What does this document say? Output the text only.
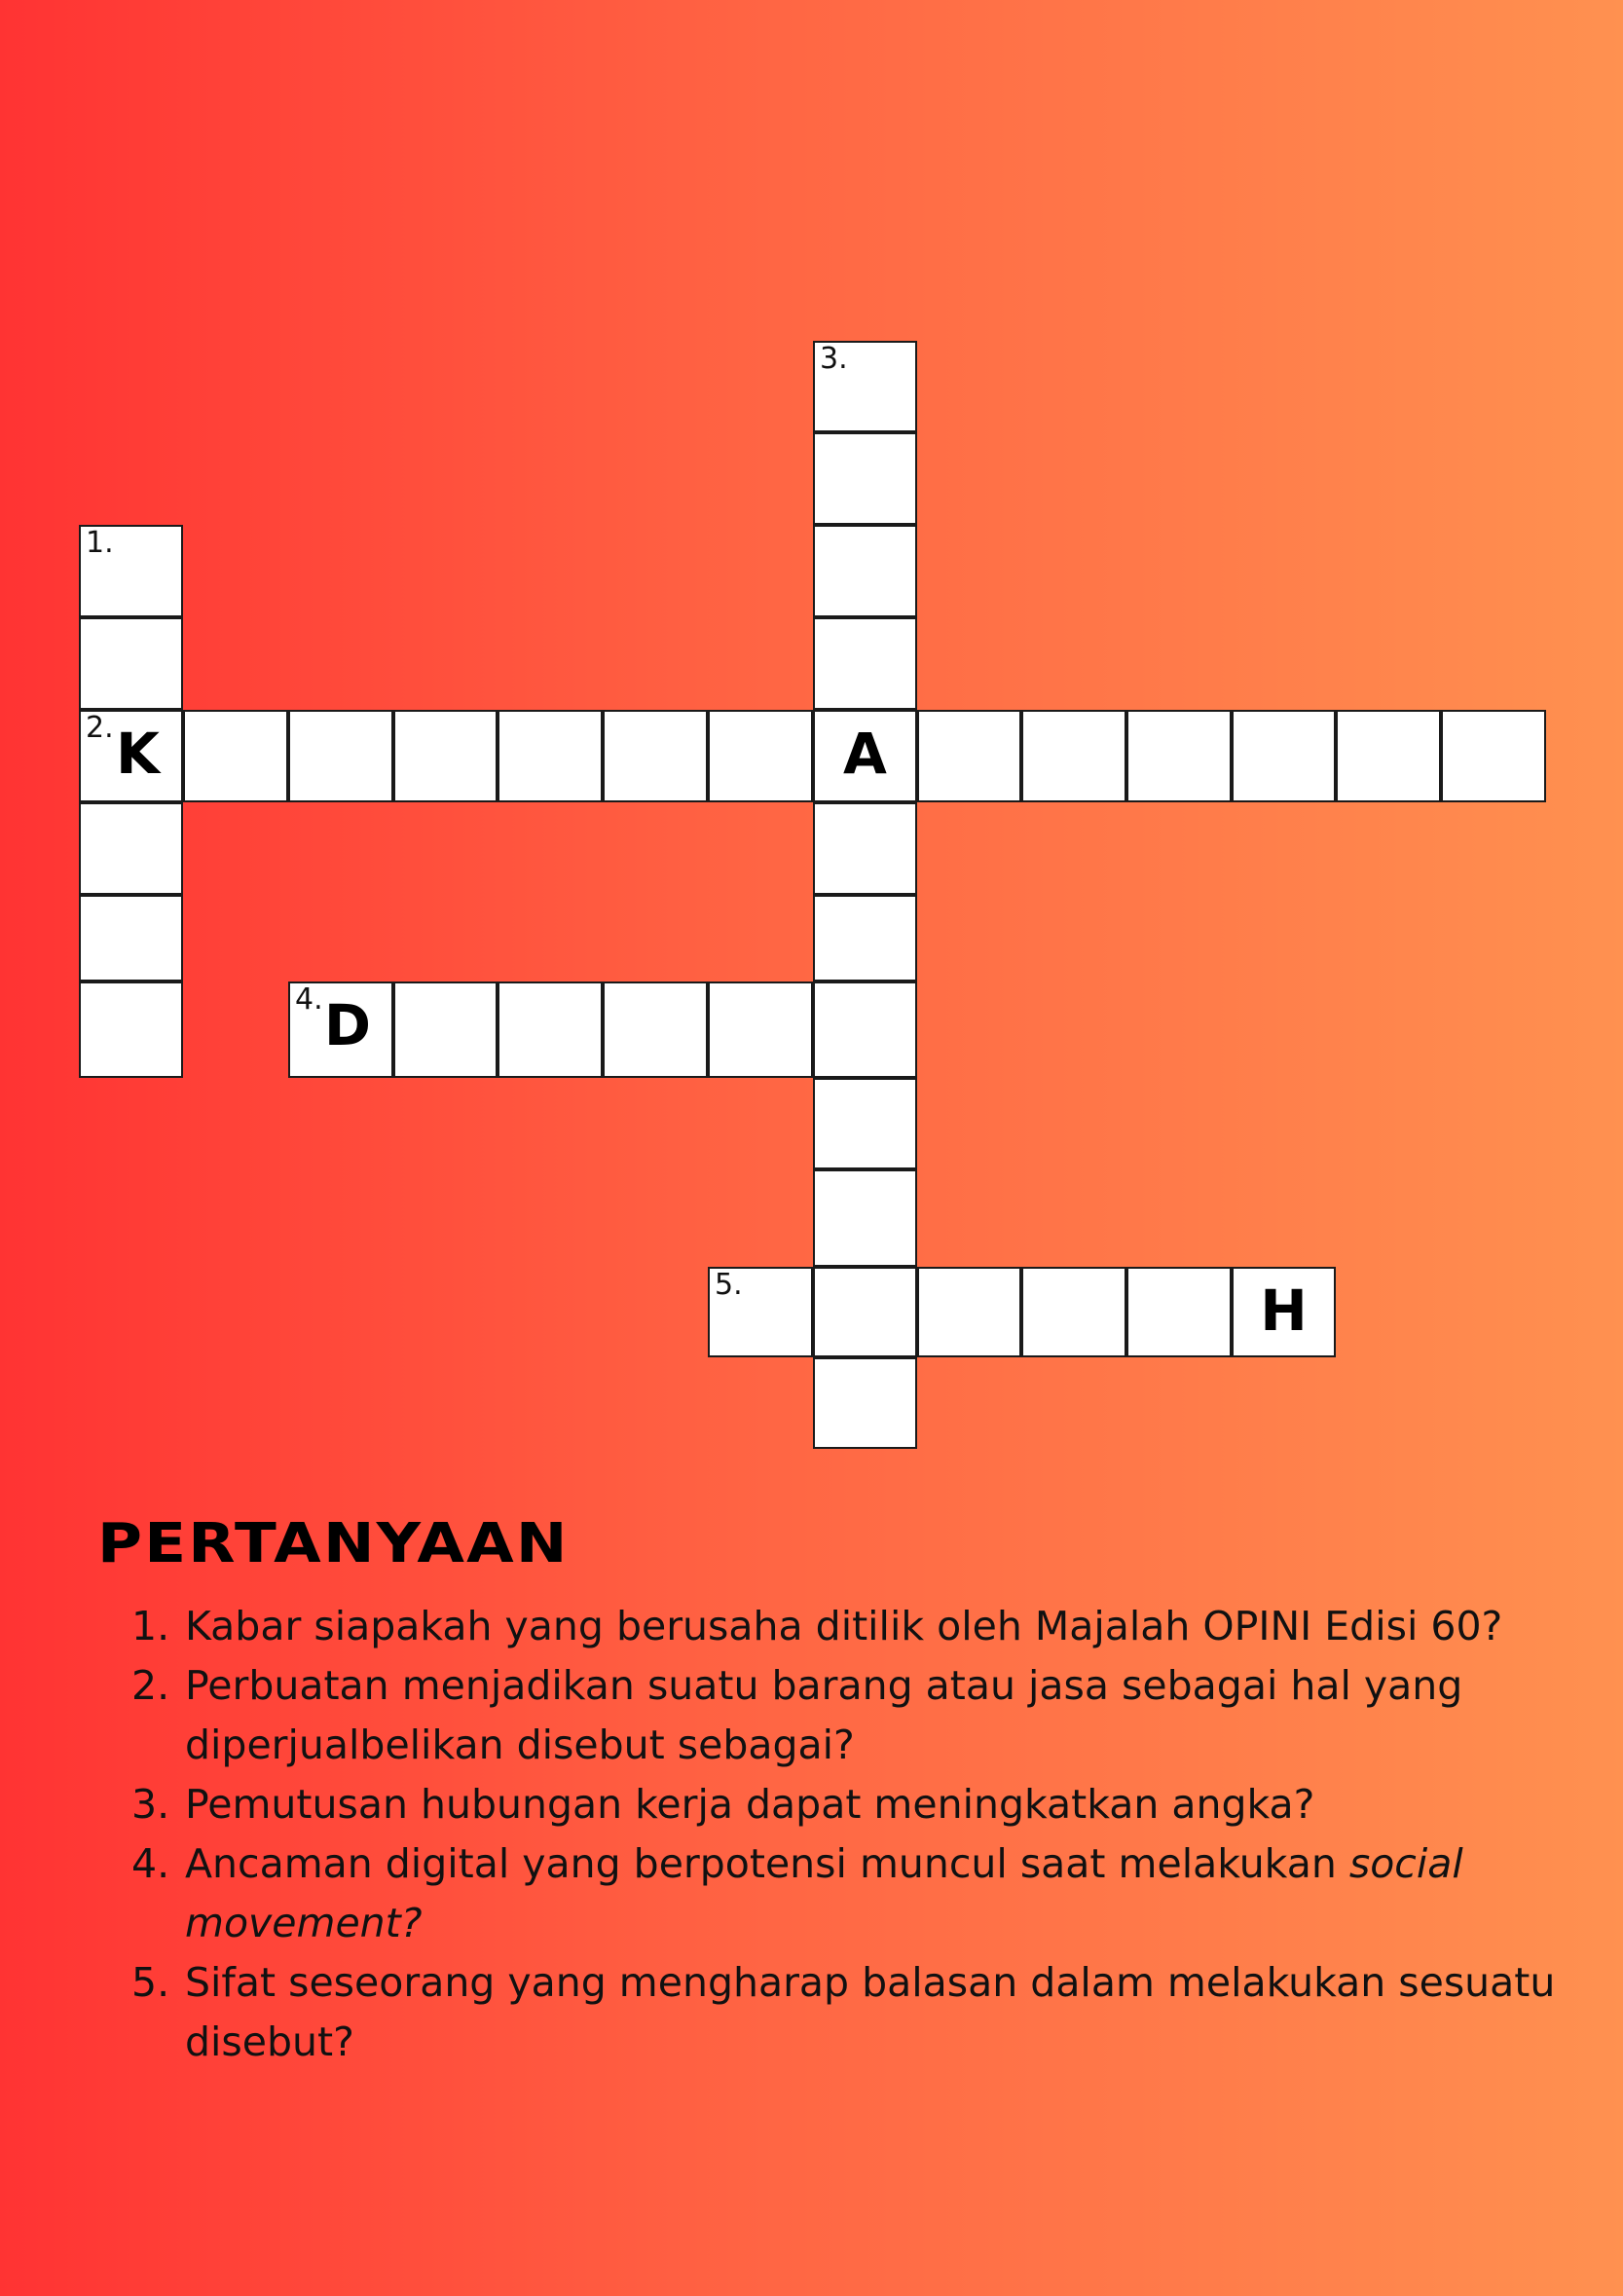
3.
1.
2. K	A
4. D
5.	H
PERTANYAAN
1. Kabar siapakah yang berusaha ditilik oleh Majalah OPINI Edisi 60?
2. Perbuatan menjadikan suatu barang atau jasa sebagai hal yang diperjualbelikan disebut sebagai?
3. Pemutusan hubungan kerja dapat meningkatkan angka?
4. Ancaman digital yang berpotensi muncul saat melakukan social movement?
5. Sifat seseorang yang mengharap balasan dalam melakukan sesuatu disebut?
